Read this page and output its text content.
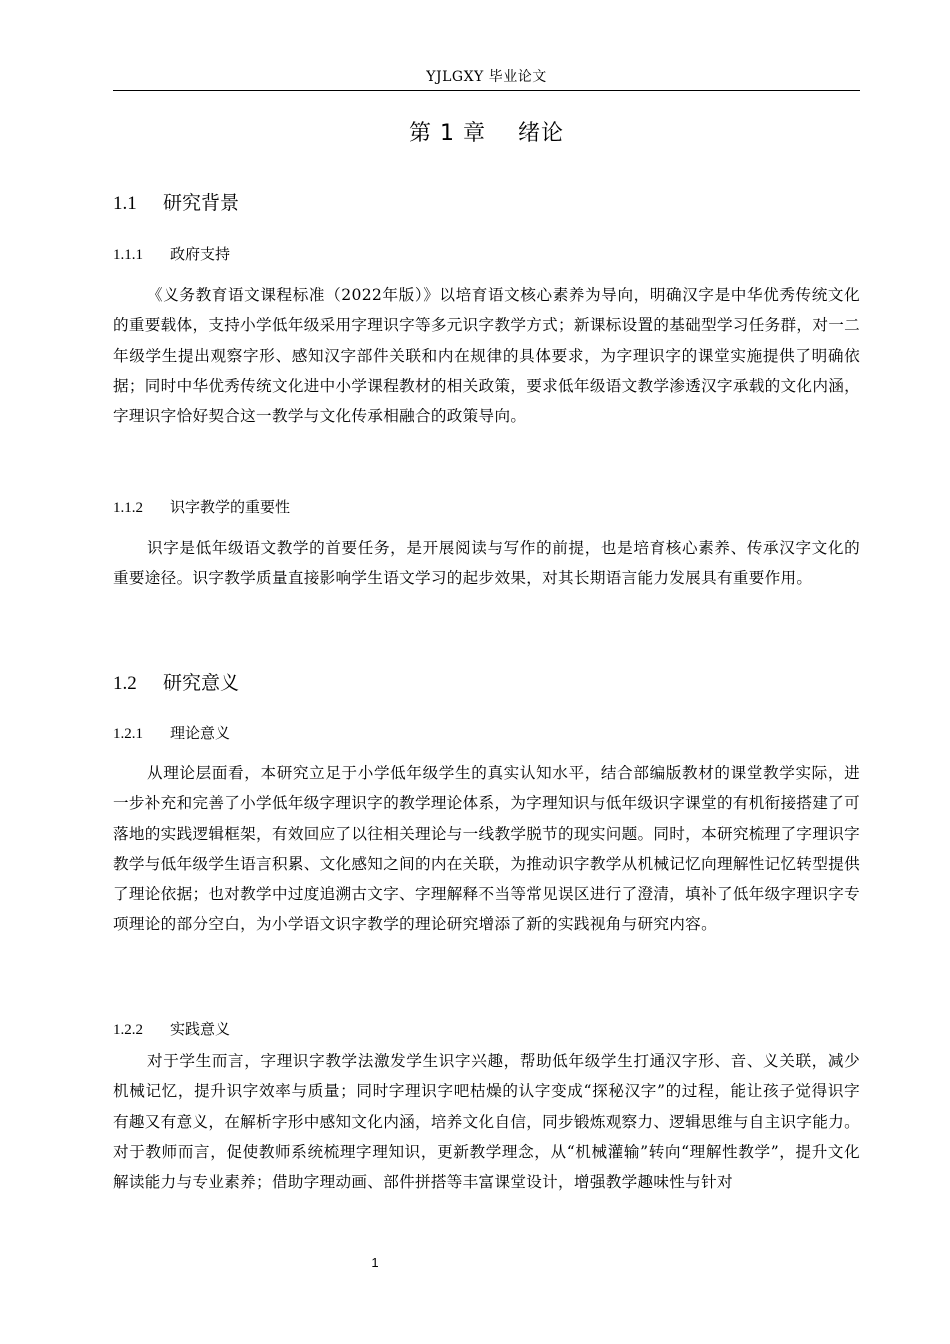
YJLGXY 毕业论文
第 1 章    绪论
1.1 研究背景
1.1.1 政府支持

《义务教育语文课程标准（2022年版）》以培育语文核心素养为导向，明确汉字是中华优秀传统文化的重要载体，支持小学低年级采用字理识字等多元识字教学方式；新课标设置的基础型学习任务群，对一二年级学生提出观察字形、感知汉字部件关联和内在规律的具体要求，为字理识字的课堂实施提供了明确依据；同时中华优秀传统文化进中小学课程教材的相关政策，要求低年级语文教学渗透汉字承载的文化内涵，字理识字恰好契合这一教学与文化传承相融合的政策导向。

1.1.2 识字教学的重要性

识字是低年级语文教学的首要任务，是开展阅读与写作的前提，也是培育核心素养、传承汉字文化的重要途径。识字教学质量直接影响学生语文学习的起步效果，对其长期语言能力发展具有重要作用。

1.2 研究意义
1.2.1 理论意义

从理论层面看，本研究立足于小学低年级学生的真实认知水平，结合部编版教材的课堂教学实际，进一步补充和完善了小学低年级字理识字的教学理论体系，为字理知识与低年级识字课堂的有机衔接搭建了可落地的实践逻辑框架，有效回应了以往相关理论与一线教学脱节的现实问题。同时，本研究梳理了字理识字教学与低年级学生语言积累、文化感知之间的内在关联，为推动识字教学从机械记忆向理解性记忆转型提供了理论依据；也对教学中过度追溯古文字、字理解释不当等常见误区进行了澄清，填补了低年级字理识字专项理论的部分空白，为小学语文识字教学的理论研究增添了新的实践视角与研究内容。

1.2.2 实践意义

对于学生而言，字理识字教学法激发学生识字兴趣，帮助低年级学生打通汉字形、音、义关联，减少机械记忆，提升识字效率与质量；同时字理识字吧枯燥的认字变成“探秘汉字”的过程，能让孩子觉得识字有趣又有意义，在解析字形中感知文化内涵，培养文化自信，同步锻炼观察力、逻辑思维与自主识字能力。对于教师而言，促使教师系统梳理字理知识，更新教学理念，从“机械灌输”转向“理解性教学”，提升文化解读能力与专业素养；借助字理动画、部件拼搭等丰富课堂设计，增强教学趣味性与针对

1
